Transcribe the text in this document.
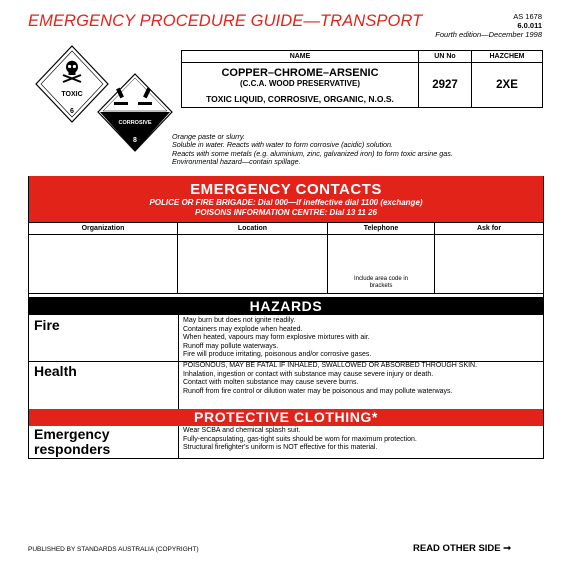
EMERGENCY PROCEDURE GUIDE—TRANSPORT	AS 1678
6.0.011
Fourth edition—December 1998
TOXIC
6
CORROSIVE
8
NAME	UN No	HAZCHEM

COPPER–CHROME–ARSENIC
(C.C.A. WOOD PRESERVATIVE)
TOXIC LIQUID, CORROSIVE, ORGANIC, N.O.S.	2927	2XE
Orange paste or slurry.
Soluble in water. Reacts with water to form corrosive (acidic) solution.
Reacts with some metals (e.g. aluminium, zinc, galvanized iron) to form toxic arsine gas.
Environmental hazard—contain spillage.
EMERGENCY CONTACTS
POLICE OR FIRE BRIGADE: Dial 000—If ineffective dial 1100 (exchange)
POISONS INFORMATION CENTRE: Dial 13 11 26
Organization	Location	Telephone	Ask for

		Include area code in brackets	

HAZARDS
Fire	May burn but does not ignite readily.
Containers may explode when heated.
When heated, vapours may form explosive mixtures with air.
Runoff may pollute waterways.
Fire will produce irritating, poisonous and/or corrosive gases.
Health	POISONOUS, MAY BE FATAL IF INHALED, SWALLOWED OR ABSORBED THROUGH SKIN.
Inhalation, ingestion or contact with substance may cause severe injury or death.
Contact with molten substance may cause severe burns.
Runoff from fire control or dilution water may be poisonous and may pollute waterways.
PROTECTIVE CLOTHING*
Emergency responders
Wear SCBA and chemical splash suit.
Fully-encapsulating, gas-tight suits should be worn for maximum protection.
Structural firefighter's uniform is NOT effective for this material.
PUBLISHED BY STANDARDS AUSTRALIA (COPYRIGHT)	READ OTHER SIDE ➞
